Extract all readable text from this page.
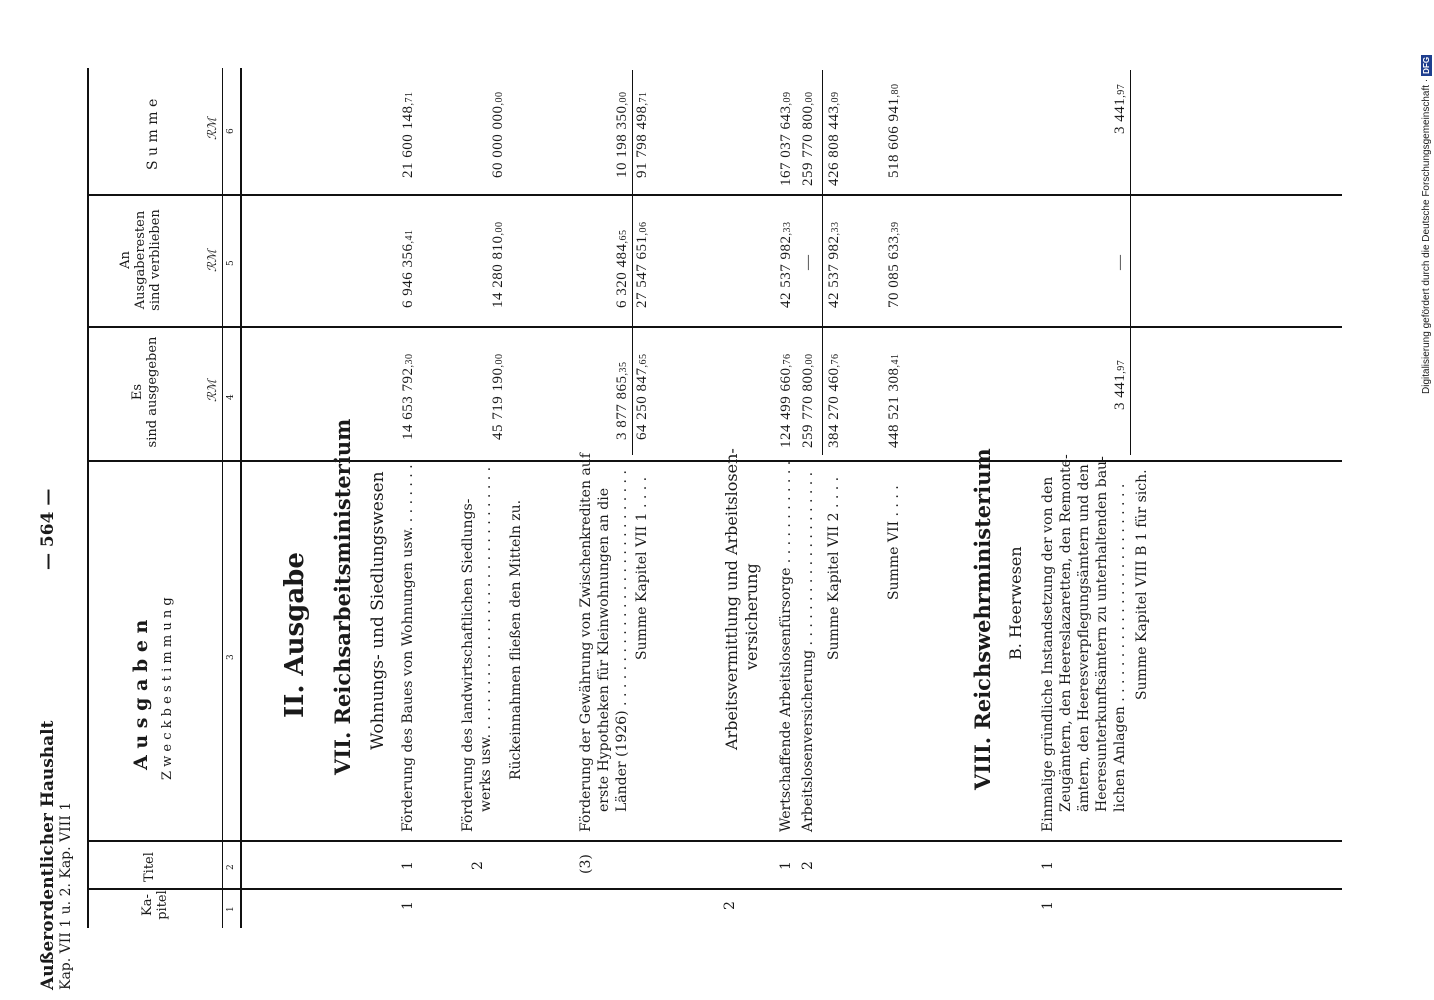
Außerordentlicher Haushalt Kap. VII 1 u. 2. Kap. VIII 1
— 564 —
Ka-
pitel
Titel
A u s g a b e n Z w e c k b e s t i m m u n g
Es
sind ausgegeben
An
Ausgaberesten
sind verblieben
S u m m e
ℛℳ
ℛℳ
ℛℳ
1
2
3
4
5
6
II. Ausgabe VII. Reichsarbeitsministerium Wohnungs- und Siedlungswesen
1
1
Förderung des Baues von Wohnungen usw. . . . . . . .
14 653 792,30
6 946 356,41
21 600 148,71
2
Förderung des landwirtschaftlichen Siedlungs- werks usw. . . . . . . . . . . . . . . . . . . . . . . . . . . . . . . Rückeinnahmen fließen den Mitteln zu.
45 719 190,00
14 280 810,00
60 000 000,00
(3)
Förderung der Gewährung von Zwischenkrediten auf erste Hypotheken für Kleinwohnungen an die Länder (1926) . . . . . . . . . . . . . . . . . . . . . . . . . . .
3 877 865,35
6 320 484,65
10 198 350,00
Summe Kapitel VII 1 . . . .
64 250 847,65
27 547 651,06
91 798 498,71
2
Arbeitsvermittlung und Arbeitslosen- versicherung
1
Wertschaffende Arbeitslosenfürsorge . . . . . . . . . . . .
124 499 660,76
42 537 982,33
167 037 643,09
2
Arbeitslosenversicherung . . . . . . . . . . . . . . . . . . . .
259 770 800,00
—
259 770 800,00
Summe Kapitel VII 2 . . . .
384 270 460,76
42 537 982,33
426 808 443,09
Summe VII . . . .
448 521 308,41
70 085 633,39
518 606 941,80
VIII. Reichswehrministerium B. Heerwesen
1
1
Einmalige gründliche Instandsetzung der von den Zeugämtern, den Heereslazaretten, den Remonte- ämtern, den Heeresverpflegungsämtern und den Heeresunterkunftsämtern zu unterhaltenden bau- lichen Anlagen . . . . . . . . . . . . . . . . . . . . . . . . .
3 441,97
—
3 441,97
Summe Kapitel VIII B 1 für sich.
Digitalisierung gefördert durch die Deutsche Forschungsgemeinschaft ·DFG
